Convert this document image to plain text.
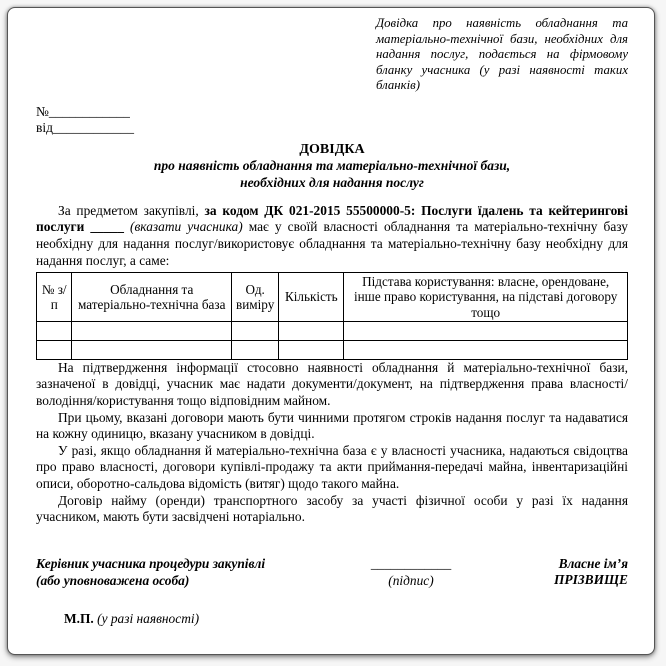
Довідка про наявність обладнання та матеріально-технічної бази, необхідних для надання послуг, подається на фірмовому бланку учасника (у разі наявності таких бланків)
№____________
від____________
ДОВІДКА
про наявність обладнання та матеріально-технічної бази,
необхідних для надання послуг
За предметом закупівлі, за кодом ДК 021-2015 55500000-5: Послуги їдалень та кейтерингові послуги _____ (вказати учасника) має у своїй власності обладнання та матеріально-технічну базу необхідну для надання послуг/використовує обладнання та матеріально-технічну базу необхідну для надання послуг, а саме:
№ з/п	Обладнання та матеріально-технічна база	Од. виміру	Кількість	Підстава користування: власне, орендоване, інше право користування, на підставі договору тощо

На підтвердження інформації стосовно наявності обладнання й матеріально-технічної бази, зазначеної в довідці, учасник має надати документи/документ, на підтвердження права власності/володіння/користування тощо відповідним майном.

При цьому, вказані договори мають бути чинними протягом строків надання послуг та надаватися на кожну одиницю, вказану учасником в довідці.

У разі, якщо обладнання й матеріально-технічна база є у власності учасника, надаються свідоцтва про право власності, договори купівлі-продажу та акти приймання-передачі майна, інвентаризаційні описи, оборотно-сальдова відомість (витяг) щодо такого майна.

Договір найму (оренди) транспортного засобу за участі фізичної особи у разі їх надання учасником, мають бути засвідчені нотаріально.

Керівник учасника процедури закупівлі
(або уповноважена особа)
____________
(підпис)
Власне ім’я ПРІЗВИЩЕ
М.П. (у разі наявності)
